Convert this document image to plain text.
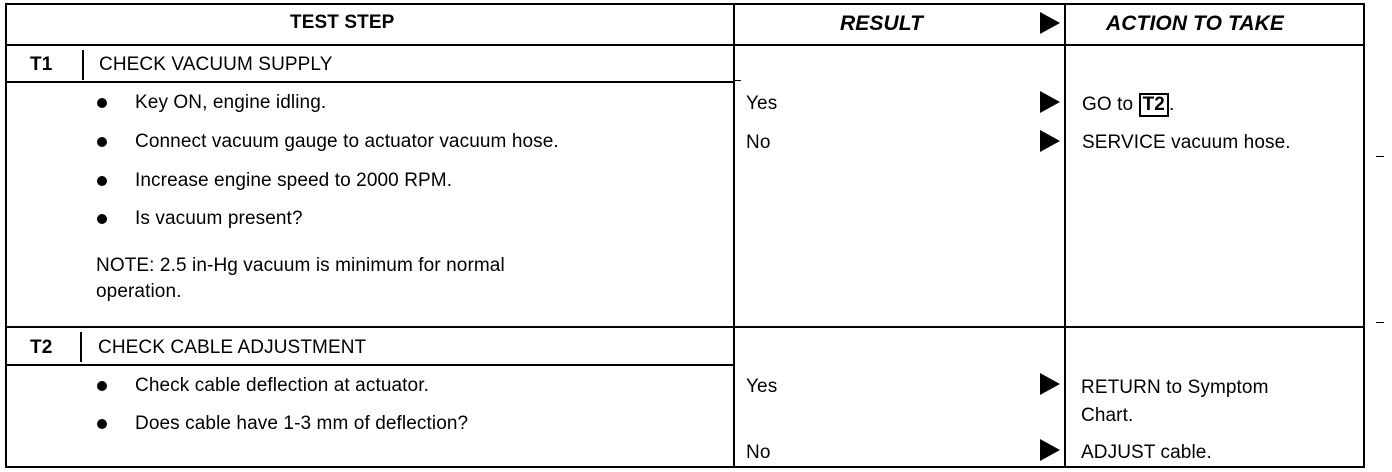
TEST STEP	RESULT	ACTION TO TAKE
T1 CHECK VACUUM SUPPLY
Key ON, engine idling.
Connect vacuum gauge to actuator vacuum hose.
Increase engine speed to 2000 RPM.
Is vacuum present?
NOTE: 2.5 in-Hg vacuum is minimum for normal
operation.
Yes
No
GO to T2 .
SERVICE vacuum hose.
T2 CHECK CABLE ADJUSTMENT
Check cable deflection at actuator.
Does cable have 1-3 mm of deflection?
Yes
No
RETURN to Symptom
Chart.
ADJUST cable.
